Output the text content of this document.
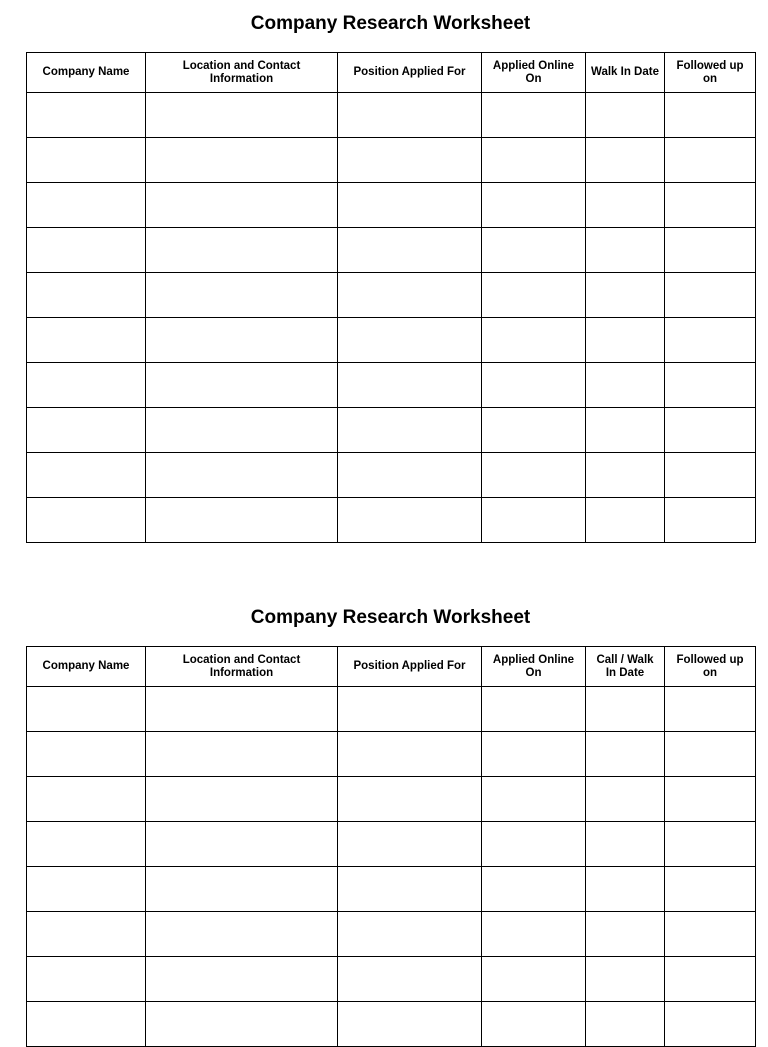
Company Research Worksheet
Company Name	Location and Contact Information	Position Applied For	Applied Online On	Walk In Date	Followed up on

Company Research Worksheet
Company Name	Location and Contact Information	Position Applied For	Applied Online On	Call / Walk In Date	Followed up on
